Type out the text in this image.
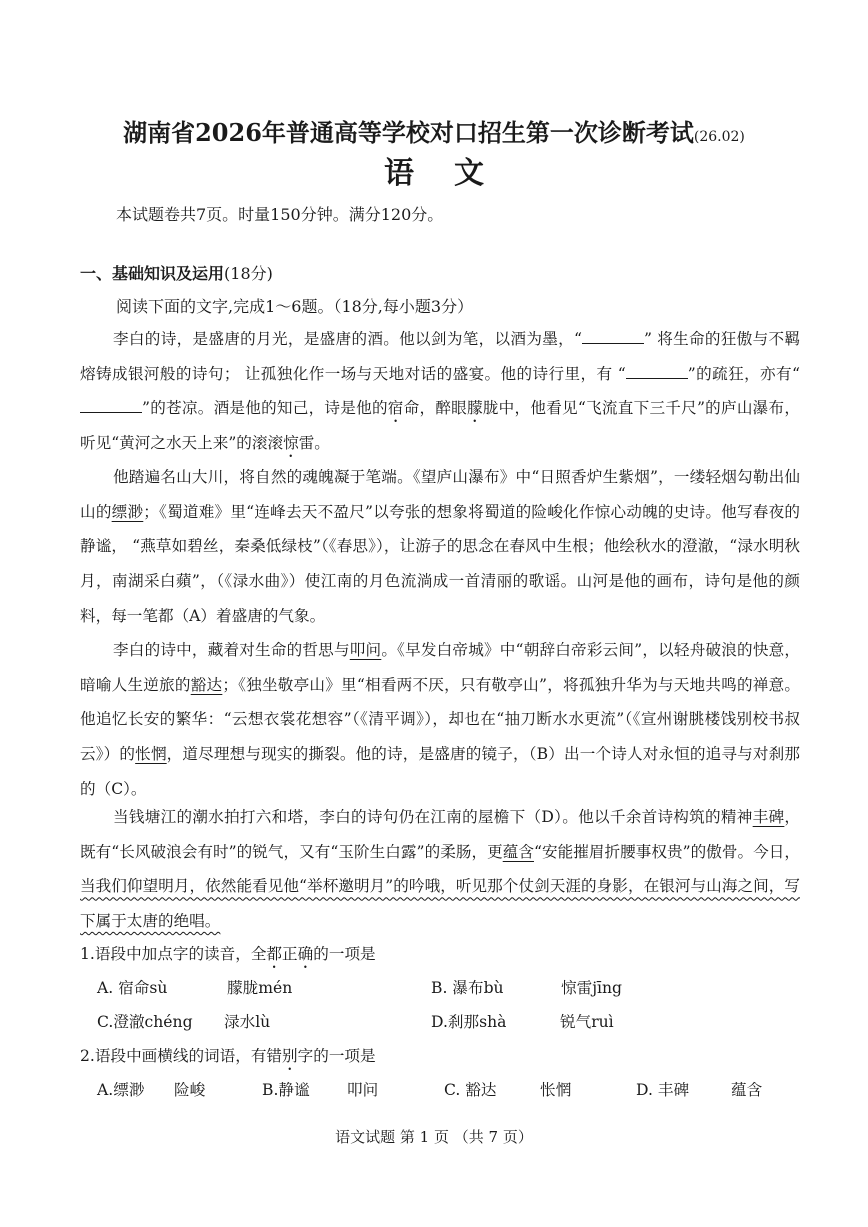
湖南省2026年普通高等学校对口招生第一次诊断考试(26.02)
语文
本试题卷共7页。时量150分钟。满分120分。
一、基础知识及运用(18分)
阅读下面的文字,完成1～6题。（18分,每小题3分）

李白的诗，是盛唐的月光，是盛唐的酒。他以剑为笔，以酒为墨，“	” 将生命的狂傲与不羁熔铸成银河般的诗句； 让孤独化作一场与天地对话的盛宴。他的诗行里，有 “	”的疏狂，亦有“”的苍凉。酒是他的知己，诗是他的宿命，醉眼朦胧中，他看见“飞流直下三千尺”的庐山瀑布，听见“黄河之水天上来”的滚滚惊雷。

他踏遍名山大川，将自然的魂魄凝于笔端。《望庐山瀑布》中“日照香炉生紫烟”，一缕轻烟勾勒出仙山的缥渺；《蜀道难》里“连峰去天不盈尺”以夸张的想象将蜀道的险峻化作惊心动魄的史诗。他写春夜的静谧， “燕草如碧丝，秦桑低绿枝”（《春思》），让游子的思念在春风中生根；他绘秋水的澄澈，“渌水明秋月，南湖采白蘋”，（《渌水曲》）使江南的月色流淌成一首清丽的歌谣。山河是他的画布，诗句是他的颜料，每一笔都（A）着盛唐的气象。

李白的诗中，藏着对生命的哲思与叩问。《早发白帝城》中“朝辞白帝彩云间”，以轻舟破浪的快意，暗喻人生逆旅的豁达；《独坐敬亭山》里“相看两不厌，只有敬亭山”，将孤独升华为与天地共鸣的禅意。他追忆长安的繁华：“云想衣裳花想容”（《清平调》），却也在“抽刀断水水更流”（《宣州谢朓楼饯别校书叔云》）的怅惘，道尽理想与现实的撕裂。他的诗，是盛唐的镜子，（B）出一个诗人对永恒的追寻与对刹那的（C）。

当钱塘江的潮水拍打六和塔，李白的诗句仍在江南的屋檐下（D）。他以千余首诗构筑的精神丰碑，既有“长风破浪会有时”的锐气，又有“玉阶生白露”的柔肠，更蕴含“安能摧眉折腰事权贵”的傲骨。今日，当我们仰望明月，依然能看见他“举杯邀明月”的吟哦，听见那个仗剑天涯的身影，在银河与山海之间，写下属于太唐的绝唱。

1.语段中加点字的读音，全都正确的一项是
A. 宿命sù	朦胧mén	B. 瀑布bù	惊雷jīng
C.澄澈chéng 渌水lù	D.刹那shà	锐气ruì
2.语段中画横线的词语，有错别字的一项是
A.缥渺 险峻	B.静谧 叩问	C. 豁达	怅惘	D. 丰碑	蕴含
语文试题 第 1 页 （共 7 页）
